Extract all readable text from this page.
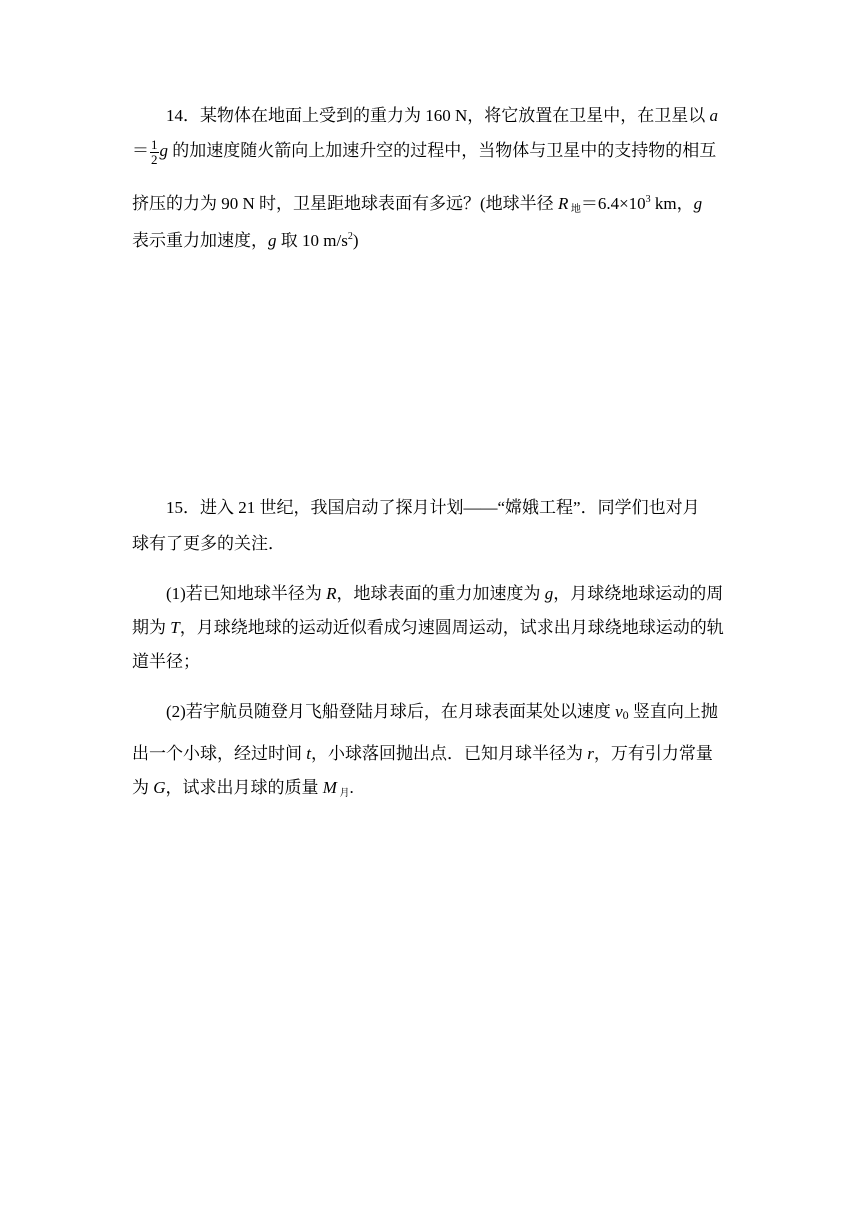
14．某物体在地面上受到的重力为 160 N，将它放置在卫星中，在卫星以 a
＝ $\frac{1}{2}$ g 的加速度随火箭向上加速升空的过程中，当物体与卫星中的支持物的相互
挤压的力为 90 N 时，卫星距地球表面有多远？(地球半径 R 地$=6.4\times 10^3$ km，g
表示重力加速度，g 取 10 $m/s^2$)
15．进入 21 世纪，我国启动了探月计划——“嫦娥工程”．同学们也对月
球有了更多的关注．
(1)若已知地球半径为 R，地球表面的重力加速度为 g，月球绕地球运动的周
期为 T，月球绕地球的运动近似看成匀速圆周运动，试求出月球绕地球运动的轨
道半径；
(2)若宇航员随登月飞船登陆月球后，在月球表面某处以速度 v0 竖直向上抛
出一个小球，经过时间 t，小球落回抛出点．已知月球半径为 r，万有引力常量
为 G，试求出月球的质量 M 月.
